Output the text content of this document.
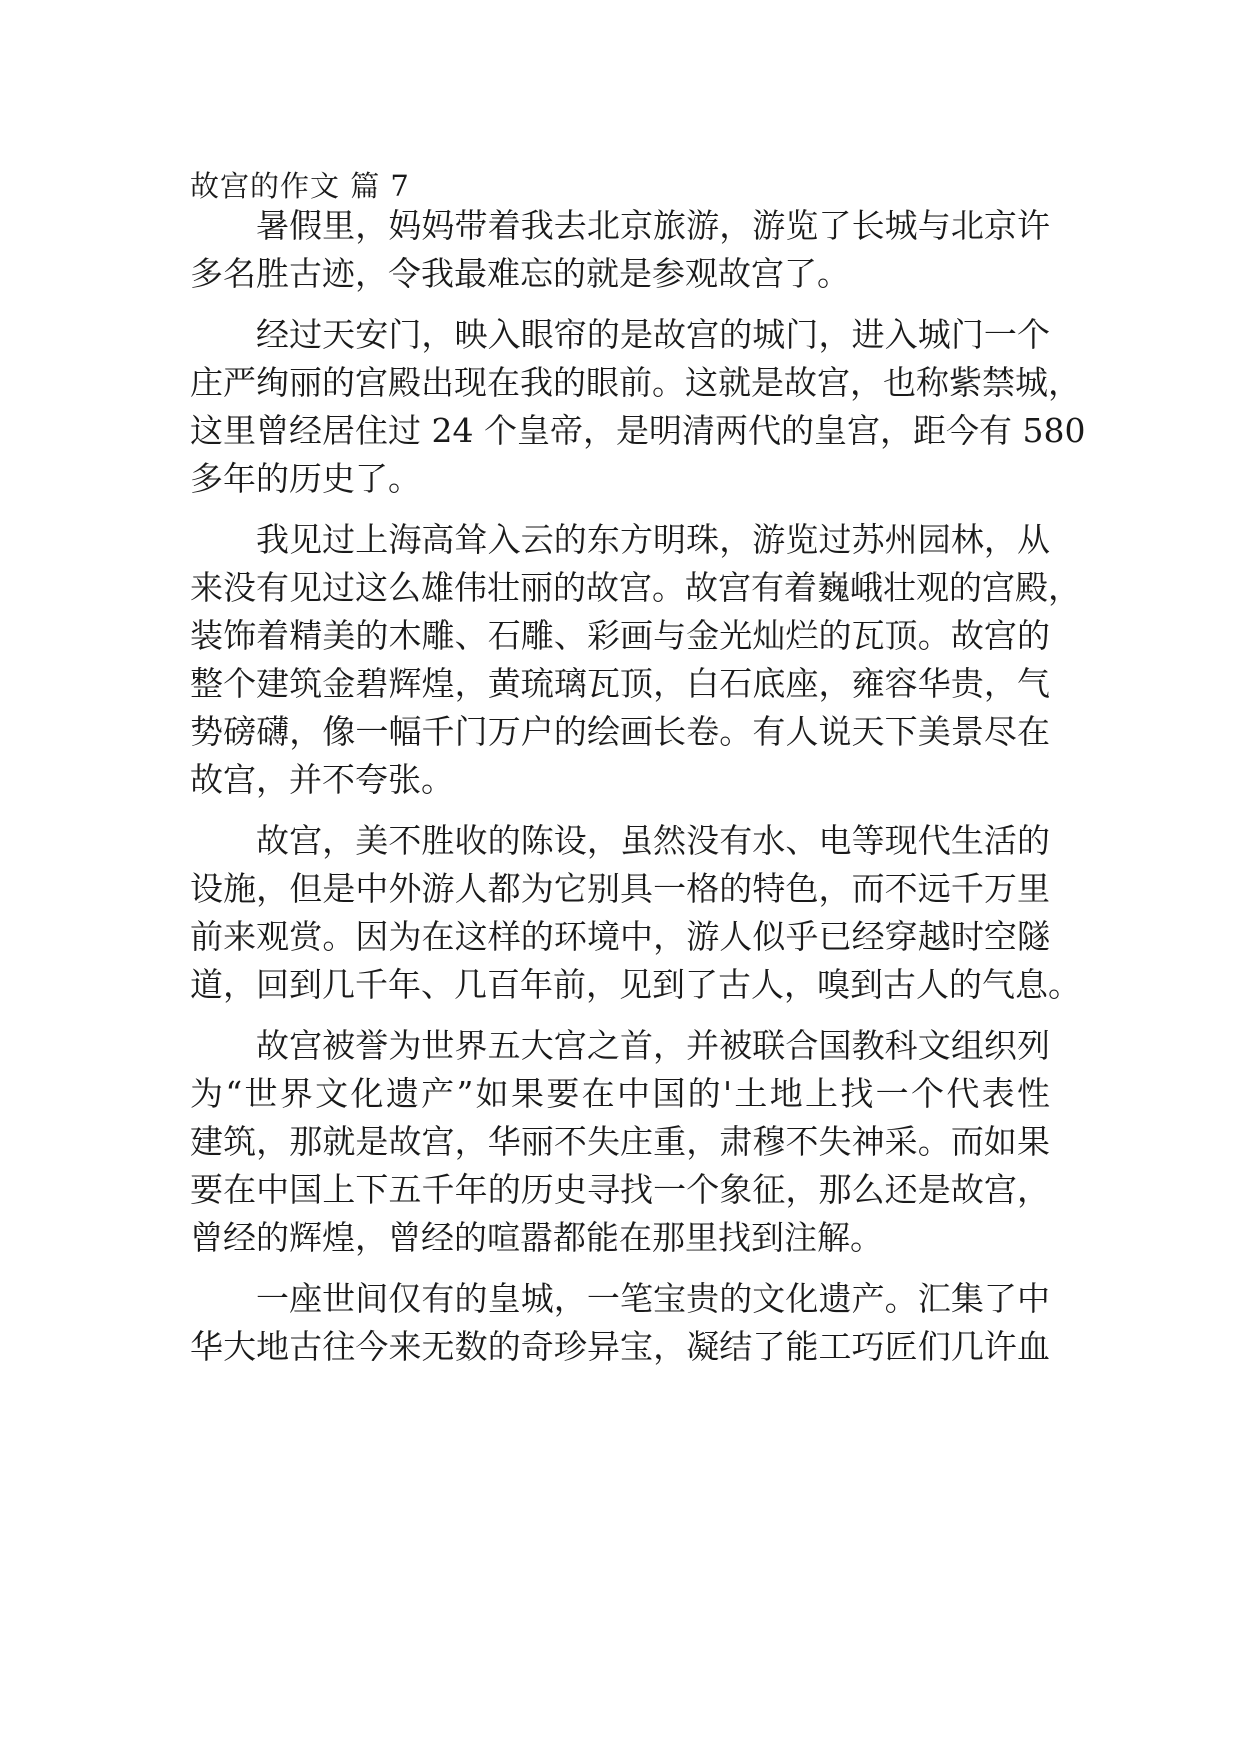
故宫的作文 篇 7
暑假里，妈妈带着我去北京旅游，游览了长城与北京许
多名胜古迹，令我最难忘的就是参观故宫了。
经过天安门，映入眼帘的是故宫的城门，进入城门一个
庄严绚丽的宫殿出现在我的眼前。这就是故宫，也称紫禁城，
这里曾经居住过 24 个皇帝，是明清两代的皇宫，距今有 580
多年的历史了。
我见过上海高耸入云的东方明珠，游览过苏州园林，从
来没有见过这么雄伟壮丽的故宫。故宫有着巍峨壮观的宫殿，
装饰着精美的木雕、石雕、彩画与金光灿烂的瓦顶。故宫的
整个建筑金碧辉煌，黄琉璃瓦顶，白石底座，雍容华贵，气
势磅礴，像一幅千门万户的绘画长卷。有人说天下美景尽在
故宫，并不夸张。
故宫，美不胜收的陈设，虽然没有水、电等现代生活的
设施，但是中外游人都为它别具一格的特色，而不远千万里
前来观赏。因为在这样的环境中，游人似乎已经穿越时空隧
道，回到几千年、几百年前，见到了古人，嗅到古人的气息。
故宫被誉为世界五大宫之首，并被联合国教科文组织列
为“世界文化遗产”如果要在中国的'土地上找一个代表性
建筑，那就是故宫，华丽不失庄重，肃穆不失神采。而如果
要在中国上下五千年的历史寻找一个象征，那么还是故宫，
曾经的辉煌，曾经的喧嚣都能在那里找到注解。
一座世间仅有的皇城，一笔宝贵的文化遗产。汇集了中
华大地古往今来无数的奇珍异宝，凝结了能工巧匠们几许血
